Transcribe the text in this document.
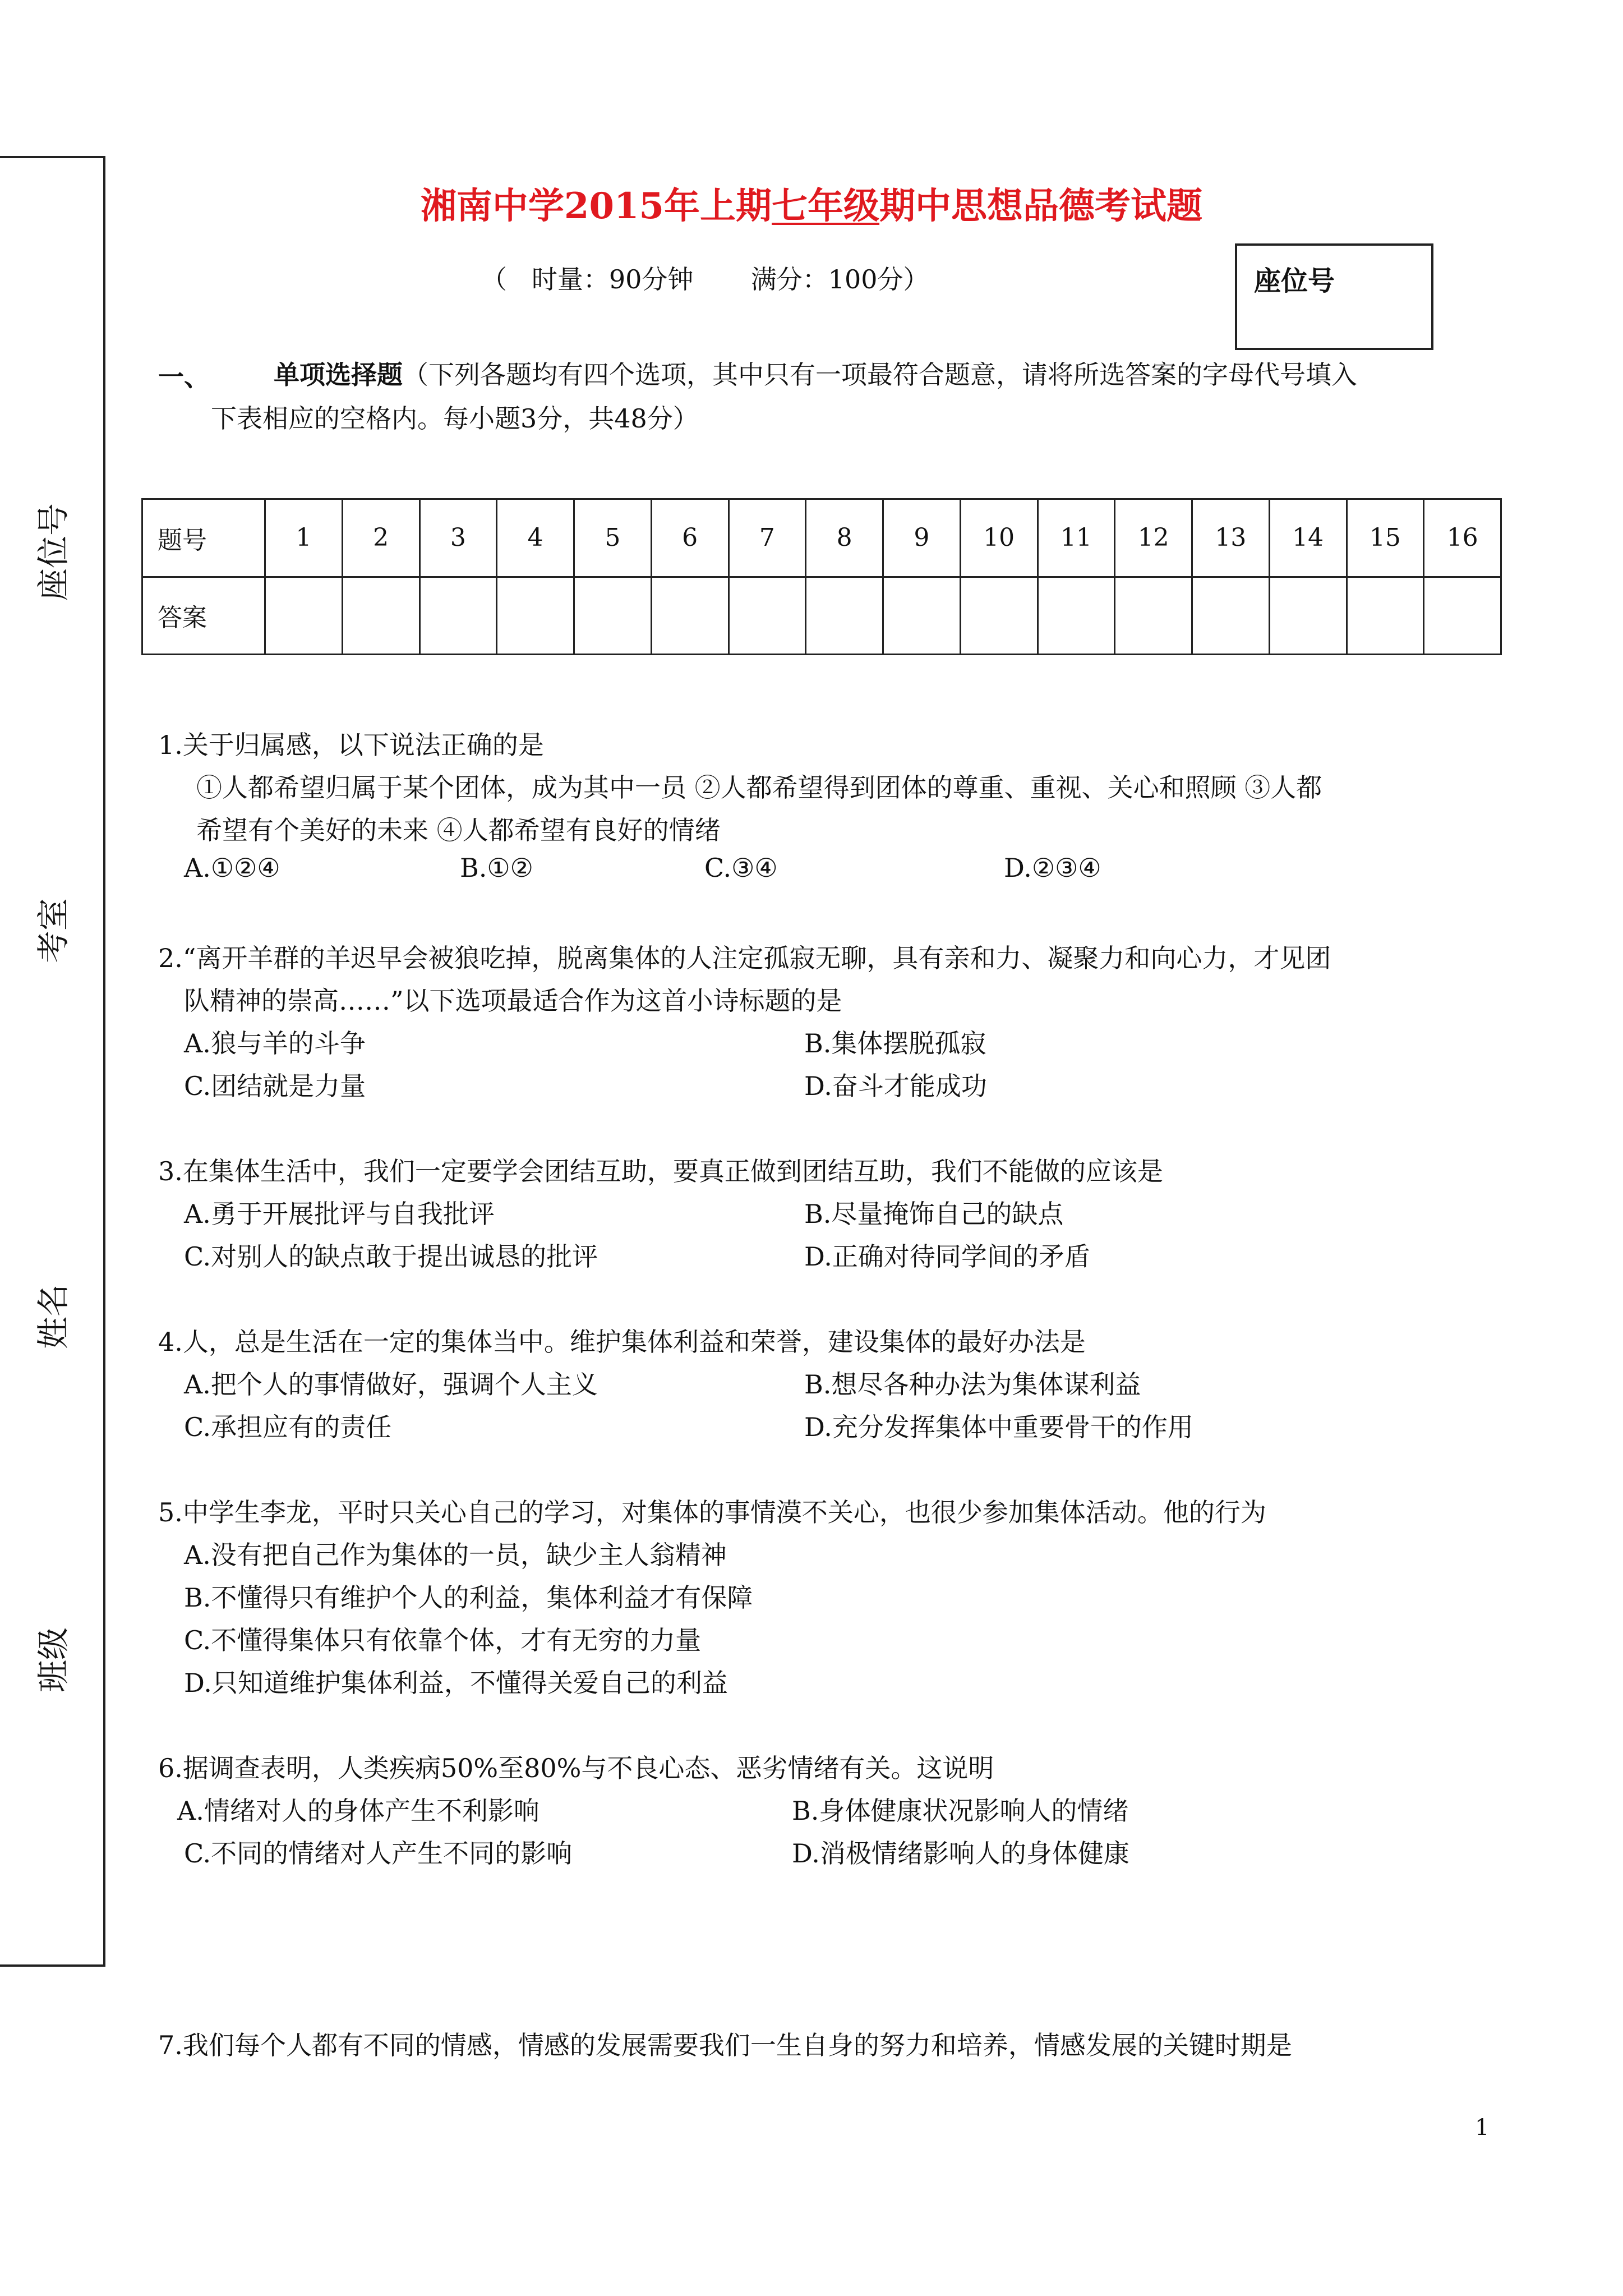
座位号
考室
姓名
班级
湘南中学2015年上期七年级期中思想品德考试题
（   时量：90分钟       满分：100分）	座位号
一、 单项选择题（下列各题均有四个选项，其中只有一项最符合题意，请将所选答案的字母代号填入
下表相应的空格内。每小题3分，共48分）
题号	1	2	3	4	5	6	7	8	9	10	11	12	13	14	15	16
答案																
1.关于归属感，以下说法正确的是
①人都希望归属于某个团体，成为其中一员 ②人都希望得到团体的尊重、重视、关心和照顾 ③人都
希望有个美好的未来 ④人都希望有良好的情绪
A.①②④	B.①②	C.③④	D.②③④
2.“离开羊群的羊迟早会被狼吃掉，脱离集体的人注定孤寂无聊，具有亲和力、凝聚力和向心力，才见团
队精神的崇高……”以下选项最适合作为这首小诗标题的是
A.狼与羊的斗争	B.集体摆脱孤寂
C.团结就是力量	D.奋斗才能成功
3.在集体生活中，我们一定要学会团结互助，要真正做到团结互助，我们不能做的应该是
A.勇于开展批评与自我批评	B.尽量掩饰自己的缺点
C.对别人的缺点敢于提出诚恳的批评	D.正确对待同学间的矛盾
4.人，总是生活在一定的集体当中。维护集体利益和荣誉，建设集体的最好办法是
A.把个人的事情做好，强调个人主义	B.想尽各种办法为集体谋利益
C.承担应有的责任	D.充分发挥集体中重要骨干的作用
5.中学生李龙，平时只关心自己的学习，对集体的事情漠不关心，也很少参加集体活动。他的行为
A.没有把自己作为集体的一员，缺少主人翁精神
B.不懂得只有维护个人的利益，集体利益才有保障
C.不懂得集体只有依靠个体，才有无穷的力量
D.只知道维护集体利益，不懂得关爱自己的利益
6.据调查表明，人类疾病50%至80%与不良心态、恶劣情绪有关。这说明
A.情绪对人的身体产生不利影响	B.身体健康状况影响人的情绪
C.不同的情绪对人产生不同的影响	D.消极情绪影响人的身体健康
7.我们每个人都有不同的情感，情感的发展需要我们一生自身的努力和培养，情感发展的关键时期是
1
